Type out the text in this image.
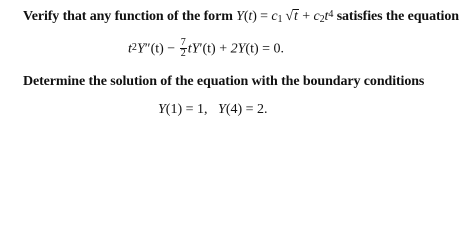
Verify that any function of the form $Y(t) = c_1$ $√t + c_2t^4$ satisfies the equation
$t^2Y''(t) - \frac{7}{2} tY'(t) + 2Y(t) = 0$.
Determine the solution of the equation with the boundary conditions
Y(1) = 1, Y(4) = 2.
